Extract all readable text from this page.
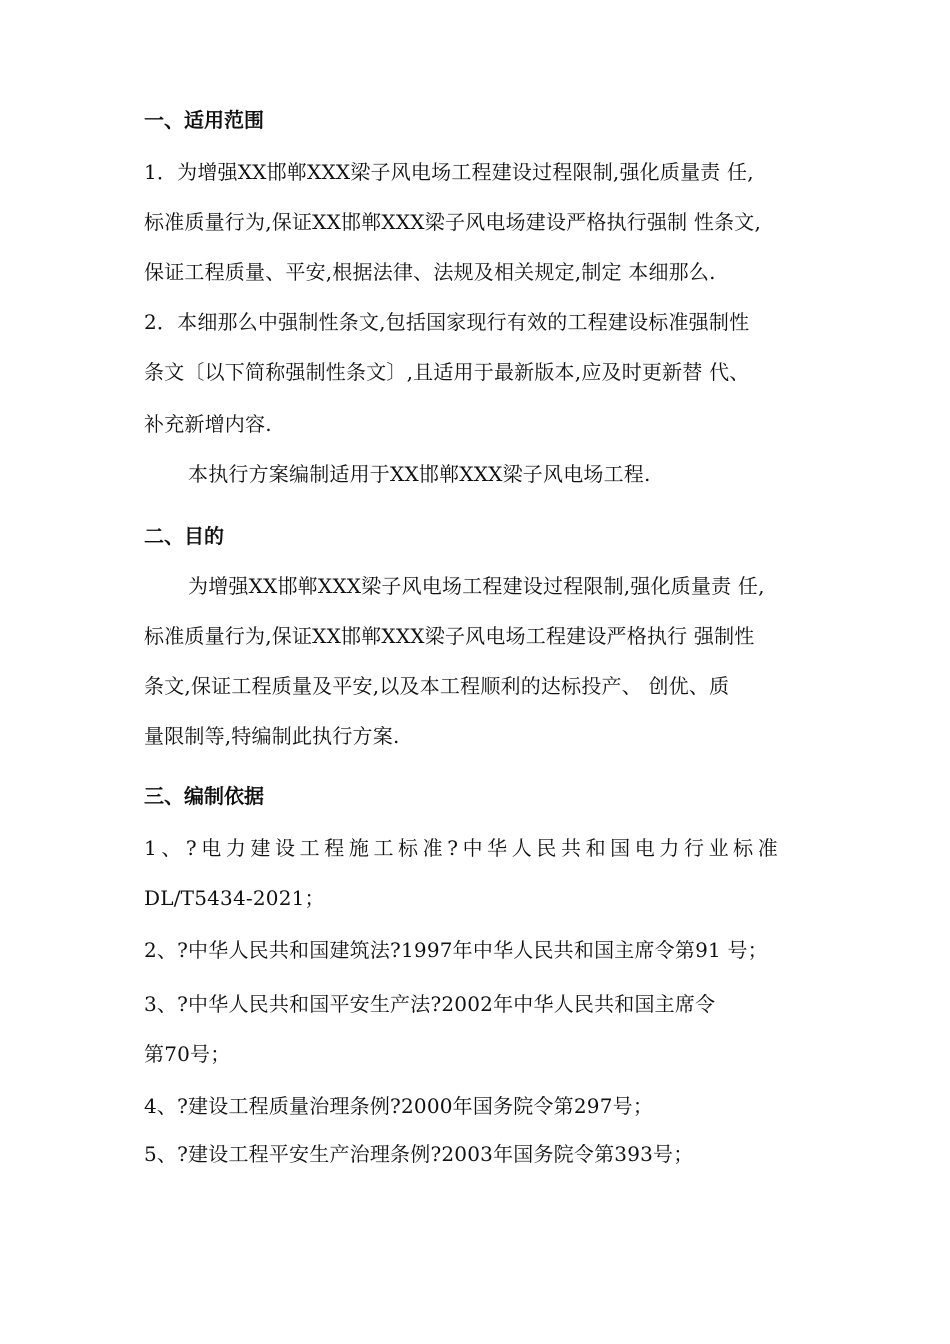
一、适用范围
1．为增强XX邯郸XXX梁子风电场工程建设过程限制,强化质量责 任,
标准质量行为,保证XX邯郸XXX梁子风电场建设严格执行强制 性条文,
保证工程质量、平安,根据法律、法规及相关规定,制定 本细那么.
2．本细那么中强制性条文,包括国家现行有效的工程建设标准强制性
条文〔以下简称强制性条文〕,且适用于最新版本,应及时更新替 代、
补充新增内容.
本执行方案编制适用于XX邯郸XXX梁子风电场工程.
二、目的
为增强XX邯郸XXX梁子风电场工程建设过程限制,强化质量责 任,
标准质量行为,保证XX邯郸XXX梁子风电场工程建设严格执行 强制性
条文,保证工程质量及平安,以及本工程顺利的达标投产、 创优、质
量限制等,特编制此执行方案.
三、编制依据
1、?电力建设工程施工标准?中华人民共和国电力行业标准
DL/T5434-2021；
2、?中华人民共和国建筑法?1997年中华人民共和国主席令第91 号；
3、?中华人民共和国平安生产法?2002年中华人民共和国主席令
第70号；
4、?建设工程质量治理条例?2000年国务院令第297号；
5、?建设工程平安生产治理条例?2003年国务院令第393号；
